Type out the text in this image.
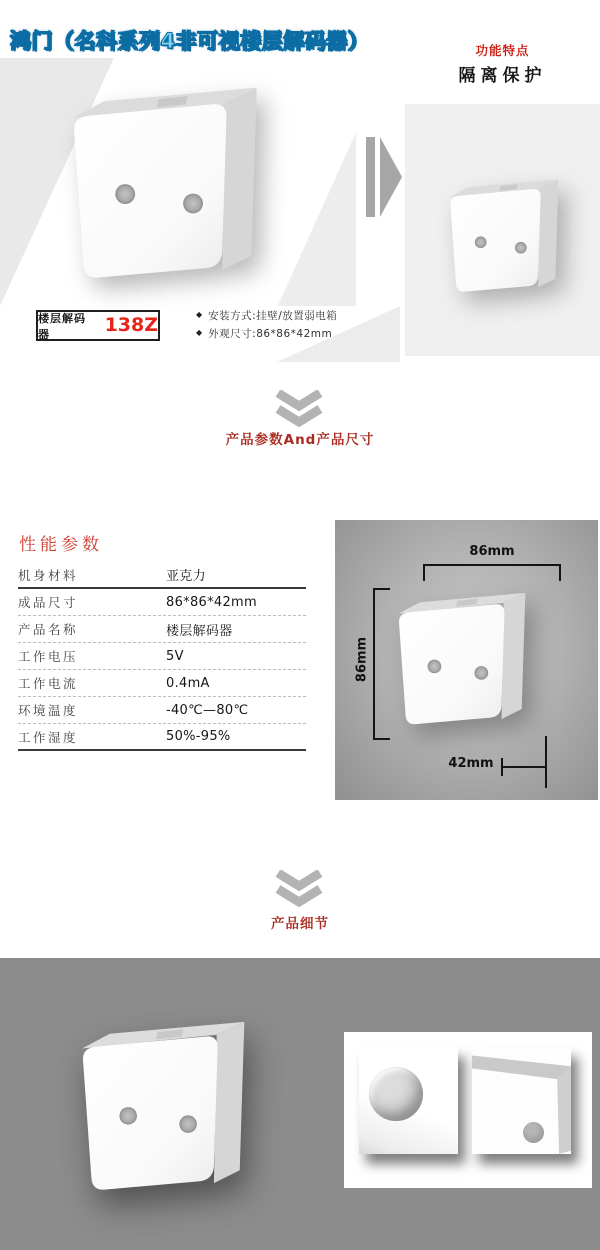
鸿门（名科系列4非可视楼层解码器）
楼层解码器	138Z	◆ 安装方式:挂壁/放置弱电箱
◆ 外观尺寸:86*86*42mm
功能特点
隔离保护
产品参数And产品尺寸
性能参数
机身材料	亚克力
成品尺寸	86*86*42mm
产品名称	楼层解码器
工作电压	5V
工作电流	0.4mA
环境温度	-40℃—80℃
工作湿度	50%-95%
86mm
86mm
42mm
产品细节
